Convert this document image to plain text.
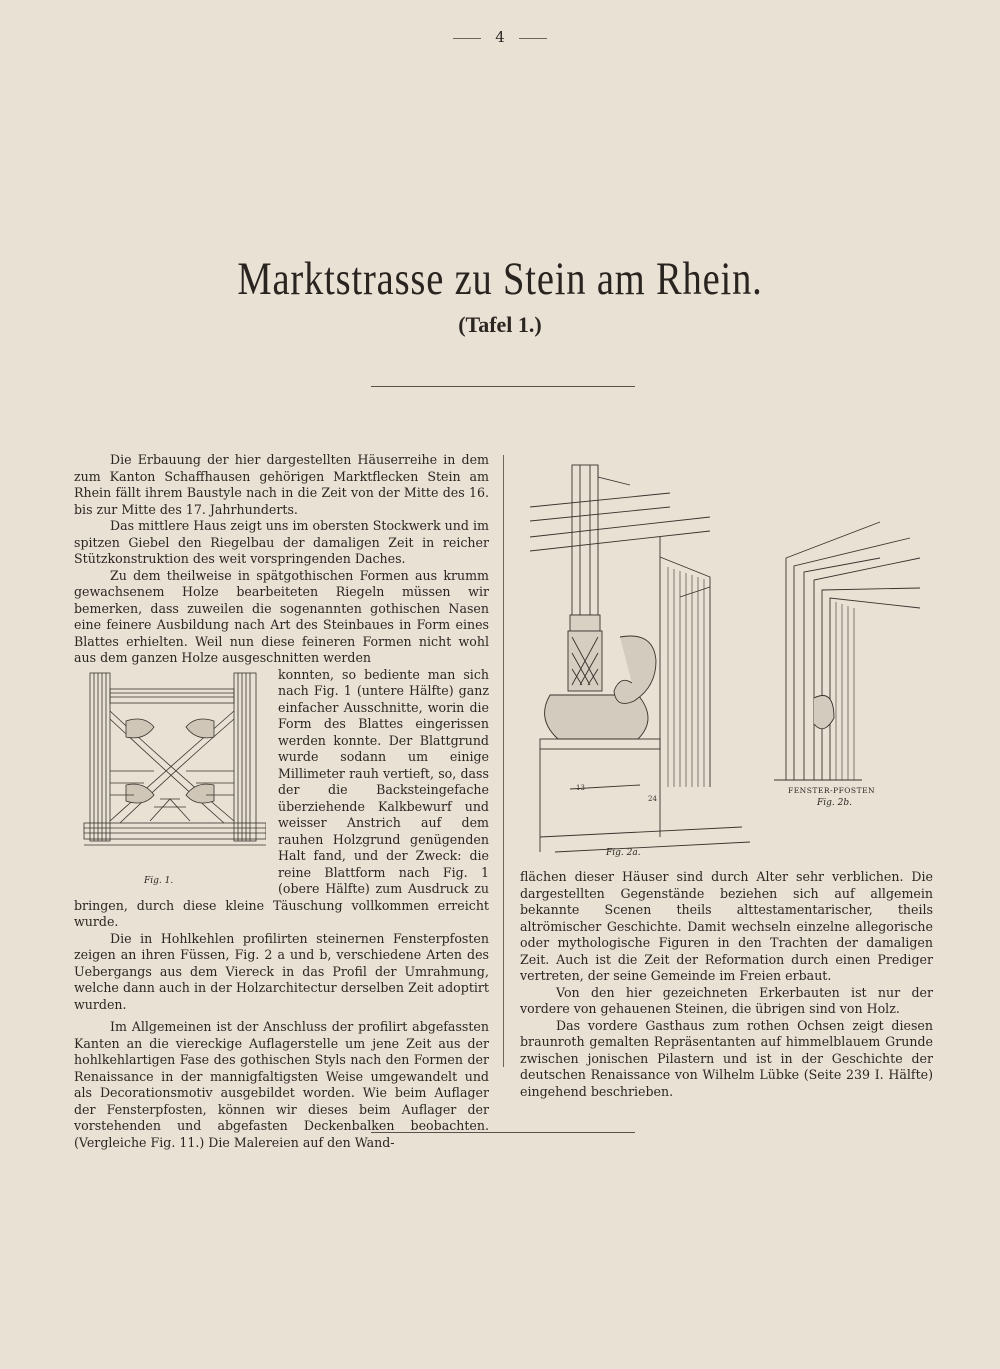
4
Marktstrasse zu Stein am Rhein.
(Tafel 1.)

Die Erbauung der hier dargestellten Häuserreihe in dem zum Kanton Schaffhausen gehörigen Marktflecken Stein am Rhein fällt ihrem Baustyle nach in die Zeit von der Mitte des 16. bis zur Mitte des 17. Jahrhunderts.

Das mittlere Haus zeigt uns im obersten Stockwerk und im spitzen Giebel den Riegelbau der damaligen Zeit in reicher Stützkonstruktion des weit vorspringenden Daches.

Zu dem theilweise in spätgothischen Formen aus krumm gewachsenem Holze bearbeiteten Riegeln müssen wir bemerken, dass zuweilen die sogenannten gothischen Nasen eine feinere Ausbildung nach Art des Steinbaues in Form eines Blattes erhielten. Weil nun diese feineren Formen nicht wohl aus dem ganzen Holze ausgeschnitten werden

Fig. 1.

konnten, so bediente man sich nach Fig. 1 (untere Hälfte) ganz einfacher Ausschnitte, worin die Form des Blattes eingerissen werden konnte. Der Blattgrund wurde sodann um einige Millimeter rauh vertieft, so, dass der die Backsteingefache überziehende Kalkbewurf und weisser Anstrich auf dem rauhen Holzgrund genügenden Halt fand, und der Zweck: die reine Blattform nach Fig. 1 (obere Hälfte) zum Ausdruck zu bringen, durch diese kleine Täuschung vollkommen erreicht wurde.

Die in Hohlkehlen profilirten steinernen Fensterpfosten zeigen an ihren Füssen, Fig. 2 a und b, verschiedene Arten des Uebergangs aus dem Viereck in das Profil der Umrahmung, welche dann auch in der Holzarchitectur derselben Zeit adoptirt wurden.

Im Allgemeinen ist der Anschluss der profilirt abgefassten Kanten an die viereckige Auflagerstelle um jene Zeit aus der hohlkehlartigen Fase des gothischen Styls nach den Formen der Renaissance in der mannigfaltigsten Weise umgewandelt und als Decorationsmotiv ausgebildet worden. Wie beim Auflager der Fensterpfosten, können wir dieses beim Auflager der vorstehenden und abgefasten Deckenbalken beobachten. (Vergleiche Fig. 11.) Die Malereien auf den Wand-

13
24
Fig. 2a.
FENSTER-PFOSTEN
Fig. 2b.

flächen dieser Häuser sind durch Alter sehr verblichen. Die dargestellten Gegenstände beziehen sich auf allgemein bekannte Scenen theils alttestamentarischer, theils altrömischer Geschichte. Damit wechseln einzelne allegorische oder mythologische Figuren in den Trachten der damaligen Zeit. Auch ist die Zeit der Reformation durch einen Prediger vertreten, der seine Gemeinde im Freien erbaut.

Von den hier gezeichneten Erkerbauten ist nur der vordere von gehauenen Steinen, die übrigen sind von Holz.

Das vordere Gasthaus zum rothen Ochsen zeigt diesen braunroth gemalten Repräsentanten auf himmelblauem Grunde zwischen jonischen Pilastern und ist in der Geschichte der deutschen Renaissance von Wilhelm Lübke (Seite 239 I. Hälfte) eingehend beschrieben.
